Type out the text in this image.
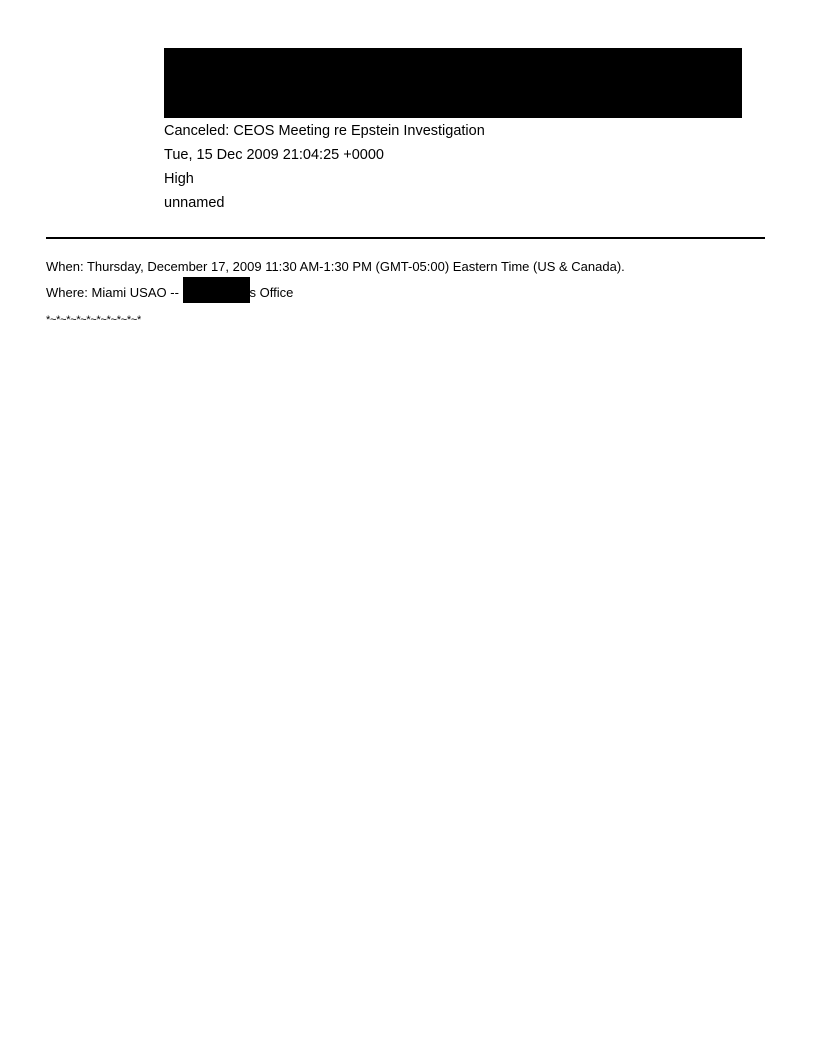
Canceled: CEOS Meeting re Epstein Investigation
Tue, 15 Dec 2009 21:04:25 +0000
High
unnamed
When: Thursday, December 17, 2009 11:30 AM-1:30 PM (GMT-05:00) Eastern Time (US & Canada).
Where: Miami USAO --	s Office
*~*~*~*~*~*~*~*~*~*
